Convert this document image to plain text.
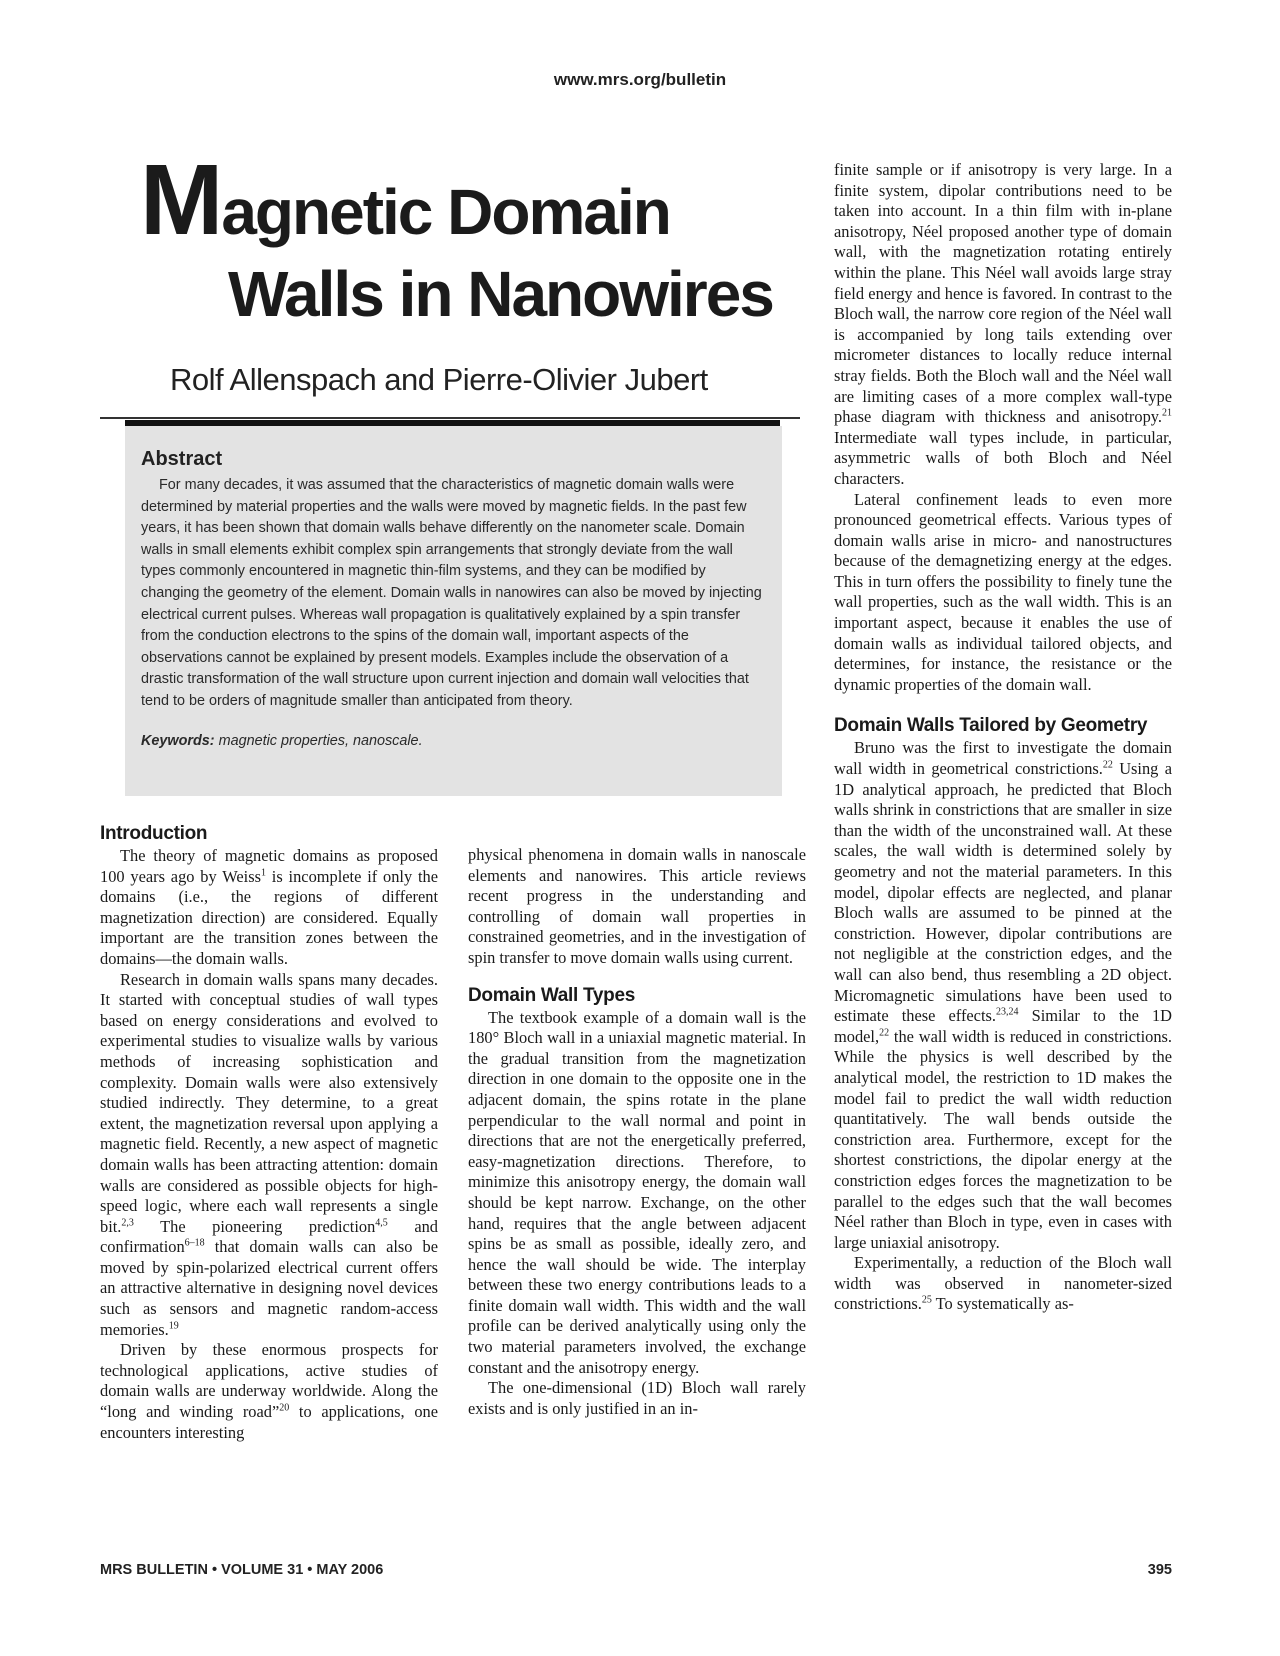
www.mrs.org/bulletin
Magnetic Domain
Walls in Nanowires
Rolf Allenspach and Pierre-Olivier Jubert
Abstract

For many decades, it was assumed that the characteristics of magnetic domain walls were determined by material properties and the walls were moved by magnetic fields. In the past few years, it has been shown that domain walls behave differently on the nanometer scale. Domain walls in small elements exhibit complex spin arrangements that strongly deviate from the wall types commonly encountered in magnetic thin-film systems, and they can be modified by changing the geometry of the element. Domain walls in nanowires can also be moved by injecting electrical current pulses. Whereas wall propagation is qualitatively explained by a spin transfer from the conduction electrons to the spins of the domain wall, important aspects of the observations cannot be explained by present models. Examples include the observation of a drastic transformation of the wall structure upon current injection and domain wall velocities that tend to be orders of magnitude smaller than anticipated from theory.

Keywords: magnetic properties, nanoscale.
Introduction

The theory of magnetic domains as proposed 100 years ago by Weiss$^1$ is incomplete if only the domains (i.e., the regions of different magnetization direction) are considered. Equally important are the transition zones between the domains—the domain walls.

Research in domain walls spans many decades. It started with conceptual studies of wall types based on energy considerations and evolved to experimental studies to visualize walls by various methods of increasing sophistication and complexity. Domain walls were also extensively studied indirectly. They determine, to a great extent, the magnetization reversal upon applying a magnetic field. Recently, a new aspect of magnetic domain walls has been attracting attention: domain walls are considered as possible objects for high-speed logic, where each wall represents a single bit.$^{2,3}$ The pioneering prediction$^{4,5}$ and confirmation$^{6-18}$ that domain walls can also be moved by spin-polarized electrical current offers an attractive alternative in designing novel devices such as sensors and magnetic random-access memories.$^{19}$

Driven by these enormous prospects for technological applications, active studies of domain walls are underway worldwide. Along the “long and winding road”$^{20}$ to applications, one encounters interesting

physical phenomena in domain walls in nanoscale elements and nanowires. This article reviews recent progress in the understanding and controlling of domain wall properties in constrained geometries, and in the investigation of spin transfer to move domain walls using current.

Domain Wall Types

The textbook example of a domain wall is the 180° Bloch wall in a uniaxial magnetic material. In the gradual transition from the magnetization direction in one domain to the opposite one in the adjacent domain, the spins rotate in the plane perpendicular to the wall normal and point in directions that are not the energetically preferred, easy-magnetization directions. Therefore, to minimize this anisotropy energy, the domain wall should be kept narrow. Exchange, on the other hand, requires that the angle between adjacent spins be as small as possible, ideally zero, and hence the wall should be wide. The interplay between these two energy contributions leads to a finite domain wall width. This width and the wall profile can be derived analytically using only the two material parameters involved, the exchange constant and the anisotropy energy.

The one-dimensional (1D) Bloch wall rarely exists and is only justified in an in-

finite sample or if anisotropy is very large. In a finite system, dipolar contributions need to be taken into account. In a thin film with in-plane anisotropy, Néel proposed another type of domain wall, with the magnetization rotating entirely within the plane. This Néel wall avoids large stray field energy and hence is favored. In contrast to the Bloch wall, the narrow core region of the Néel wall is accompanied by long tails extending over micrometer distances to locally reduce internal stray fields. Both the Bloch wall and the Néel wall are limiting cases of a more complex wall-type phase diagram with thickness and anisotropy.$^{21}$ Intermediate wall types include, in particular, asymmetric walls of both Bloch and Néel characters.

Lateral confinement leads to even more pronounced geometrical effects. Various types of domain walls arise in micro- and nanostructures because of the demagnetizing energy at the edges. This in turn offers the possibility to finely tune the wall properties, such as the wall width. This is an important aspect, because it enables the use of domain walls as individual tailored objects, and determines, for instance, the resistance or the dynamic properties of the domain wall.

Domain Walls Tailored by Geometry

Bruno was the first to investigate the domain wall width in geometrical constrictions.$^{22}$ Using a 1D analytical approach, he predicted that Bloch walls shrink in constrictions that are smaller in size than the width of the unconstrained wall. At these scales, the wall width is determined solely by geometry and not the material parameters. In this model, dipolar effects are neglected, and planar Bloch walls are assumed to be pinned at the constriction. However, dipolar contributions are not negligible at the constriction edges, and the wall can also bend, thus resembling a 2D object. Micromagnetic simulations have been used to estimate these effects.$^{23,24}$ Similar to the 1D model,$^{22}$ the wall width is reduced in constrictions. While the physics is well described by the analytical model, the restriction to 1D makes the model fail to predict the wall width reduction quantitatively. The wall bends outside the constriction area. Furthermore, except for the shortest constrictions, the dipolar energy at the constriction edges forces the magnetization to be parallel to the edges such that the wall becomes Néel rather than Bloch in type, even in cases with large uniaxial anisotropy.

Experimentally, a reduction of the Bloch wall width was observed in nanometer-sized constrictions.$^{25}$ To systematically as-

MRS BULLETIN • VOLUME 31 • MAY 2006	395
